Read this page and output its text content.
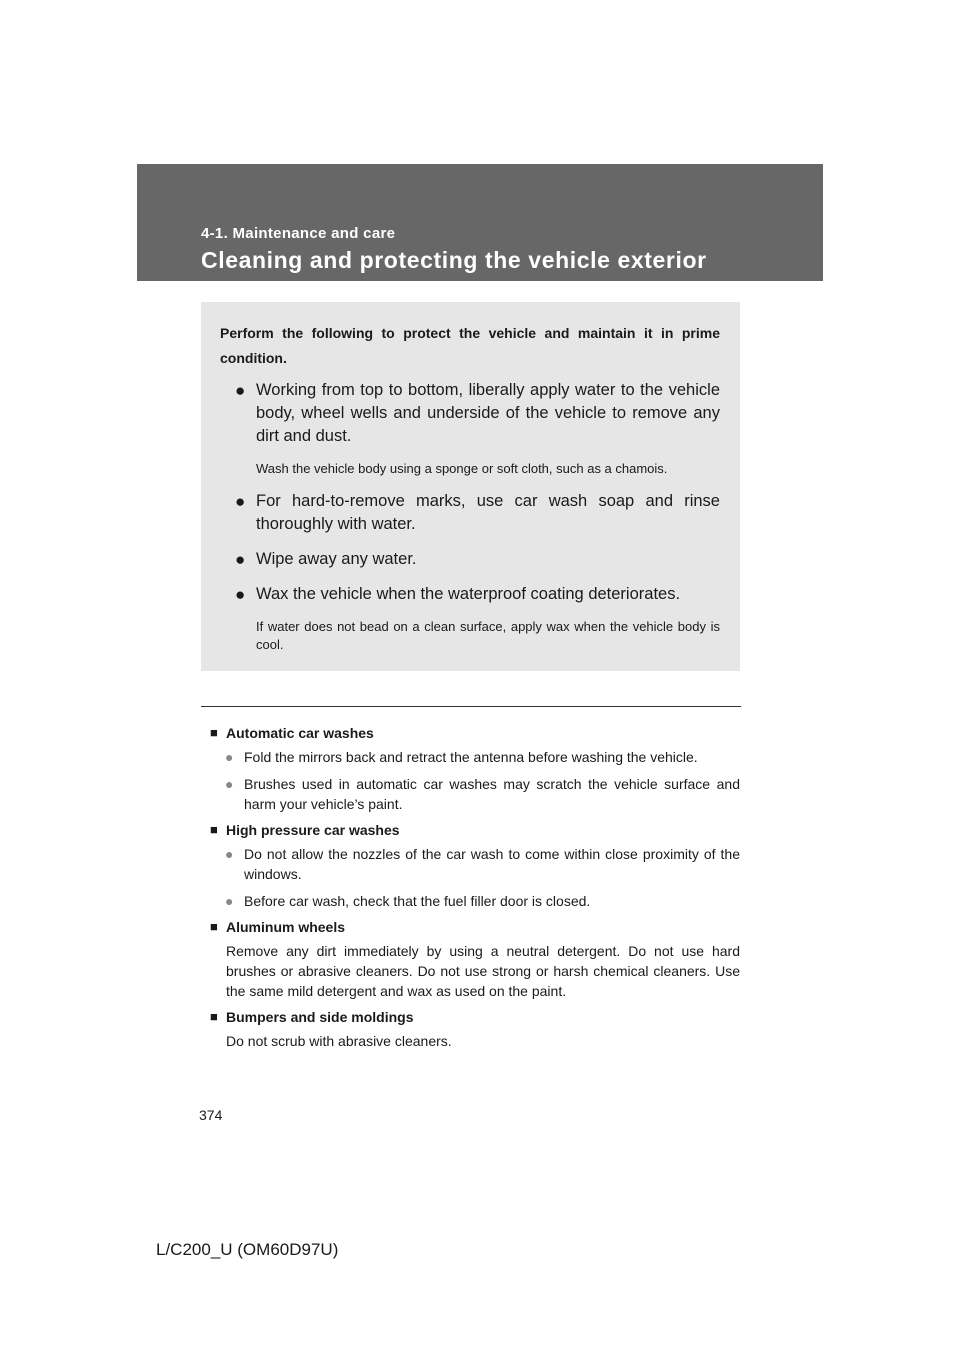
4-1. Maintenance and care
Cleaning and protecting the vehicle exterior

Perform the following to protect the vehicle and maintain it in prime condition.

● Working from top to bottom, liberally apply water to the vehicle body, wheel wells and underside of the vehicle to remove any dirt and dust.
Wash the vehicle body using a sponge or soft cloth, such as a chamois.
● For hard-to-remove marks, use car wash soap and rinse thoroughly with water.
● Wipe away any water.
● Wax the vehicle when the waterproof coating deteriorates.
If water does not bead on a clean surface, apply wax when the vehicle body is cool.
■ Automatic car washes
● Fold the mirrors back and retract the antenna before washing the vehicle.
● Brushes used in automatic car washes may scratch the vehicle surface and harm your vehicle’s paint.
■ High pressure car washes
● Do not allow the nozzles of the car wash to come within close proximity of the windows.
● Before car wash, check that the fuel filler door is closed.
■ Aluminum wheels
Remove any dirt immediately by using a neutral detergent. Do not use hard brushes or abrasive cleaners. Do not use strong or harsh chemical cleaners. Use the same mild detergent and wax as used on the paint.
■ Bumpers and side moldings
Do not scrub with abrasive cleaners.
374
L/C200_U (OM60D97U)
